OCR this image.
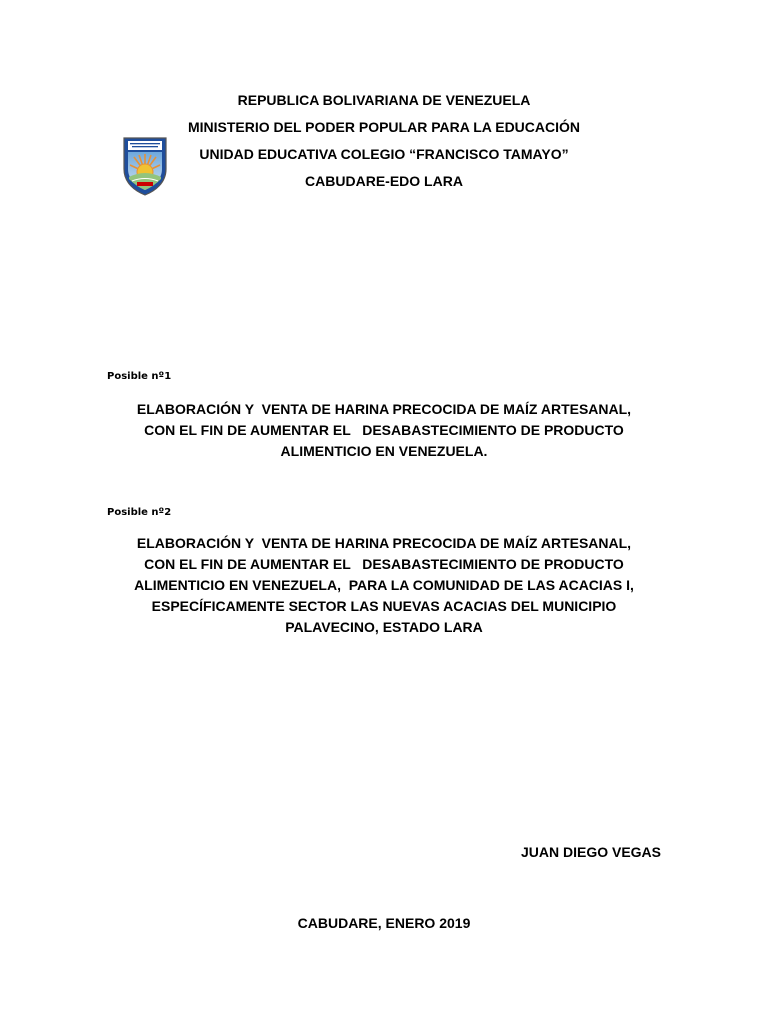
REPUBLICA BOLIVARIANA DE VENEZUELA
MINISTERIO DEL PODER POPULAR PARA LA EDUCACIÓN
UNIDAD EDUCATIVA COLEGIO “FRANCISCO TAMAYO”
CABUDARE-EDO LARA
Posible nº1
ELABORACIÓN Y  VENTA DE HARINA PRECOCIDA DE MAÍZ ARTESANAL,
CON EL FIN DE AUMENTAR EL   DESABASTECIMIENTO DE PRODUCTO
ALIMENTICIO EN VENEZUELA.
Posible nº2
ELABORACIÓN Y  VENTA DE HARINA PRECOCIDA DE MAÍZ ARTESANAL,
CON EL FIN DE AUMENTAR EL   DESABASTECIMIENTO DE PRODUCTO
ALIMENTICIO EN VENEZUELA,  PARA LA COMUNIDAD DE LAS ACACIAS I,
ESPECÍFICAMENTE SECTOR LAS NUEVAS ACACIAS DEL MUNICIPIO
PALAVECINO, ESTADO LARA
JUAN DIEGO VEGAS
CABUDARE, ENERO 2019
